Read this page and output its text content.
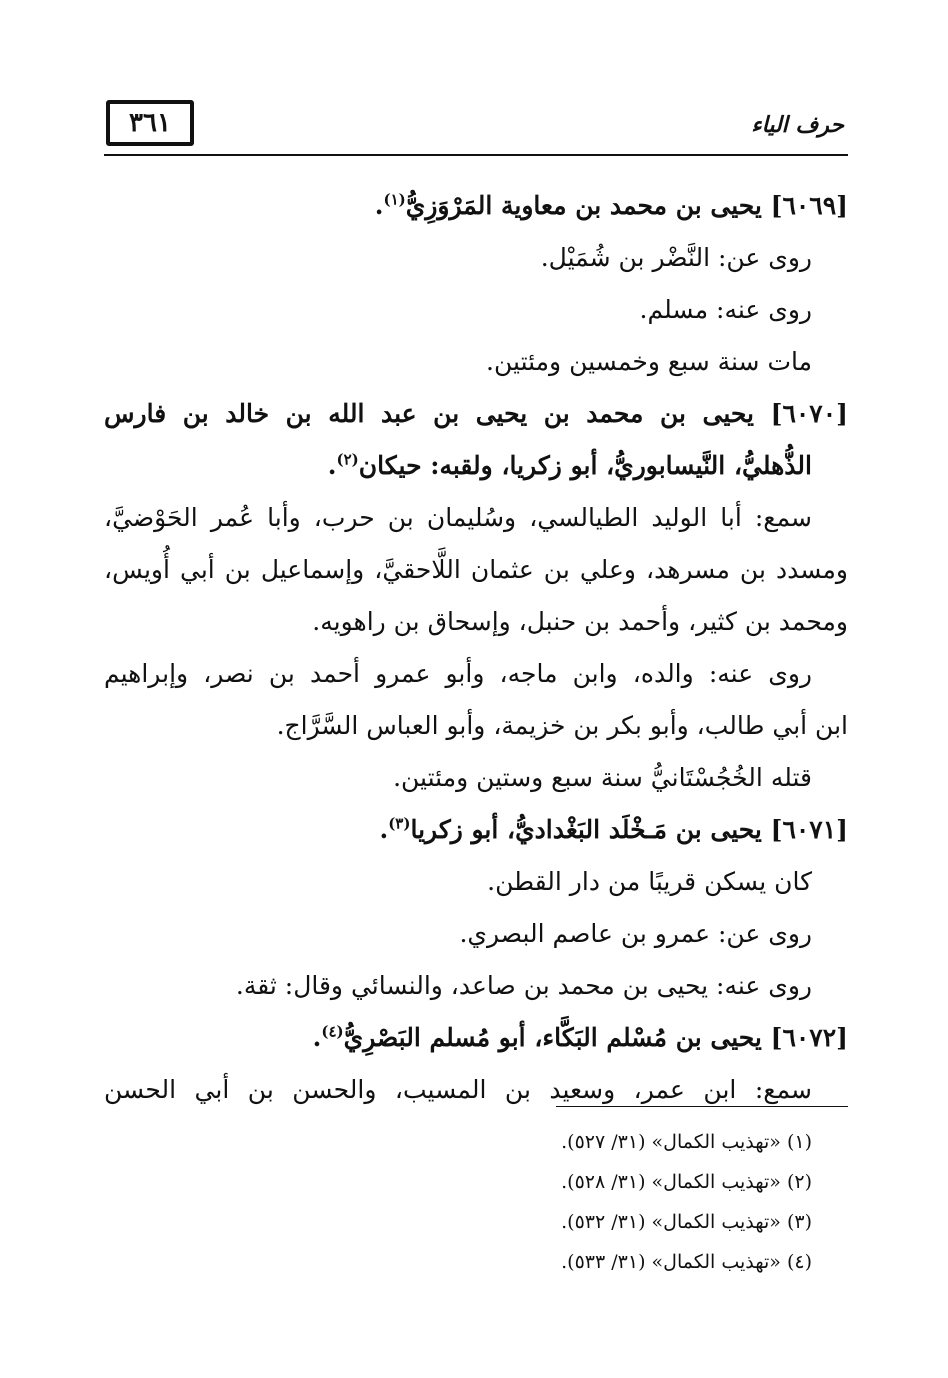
٣٦١	حرف الياء
[٦٠٦٩] يحيى بن محمد بن معاوية المَرْوَزِيُّ$^{(١)}$.
روى عن: النَّضْر بن شُمَيْل.
روى عنه: مسلم.
مات سنة سبع وخمسين ومئتين.
[٦٠٧٠] يحيى بن محمد بن يحيى بن عبد الله بن خالد بن فارس
الذُّهليُّ، النَّيسابوريُّ، أبو زكريا، ولقبه: حيكان$^{(٢)}$.
سمع: أبا الوليد الطيالسي، وسُليمان بن حرب، وأبا عُمر الحَوْضيَّ،
ومسدد بن مسرهد، وعلي بن عثمان اللَّاحقيَّ، وإسماعيل بن أبي أُويس،
ومحمد بن كثير، وأحمد بن حنبل، وإسحاق بن راهويه.
روى عنه: والده، وابن ماجه، وأبو عمرو أحمد بن نصر، وإبراهيم
ابن أبي طالب، وأبو بكر بن خزيمة، وأبو العباس السَّرَّاج.
قتله الخُجُسْتَانيُّ سنة سبع وستين ومئتين.
[٦٠٧١] يحيى بن مَـخْلَد البَغْداديُّ، أبو زكريا$^{(٣)}$.
كان يسكن قريبًا من دار القطن.
روى عن: عمرو بن عاصم البصري.
روى عنه: يحيى بن محمد بن صاعد، والنسائي وقال: ثقة.
[٦٠٧٢] يحيى بن مُسْلم البَكَّاء، أبو مُسلم البَصْرِيُّ$^{(٤)}$.
سمع: ابن عمر، وسعيد بن المسيب، والحسن بن أبي الحسن
(١) «تهذيب الكمال» (٣١/ ٥٢٧).
(٢) «تهذيب الكمال» (٣١/ ٥٢٨).
(٣) «تهذيب الكمال» (٣١/ ٥٣٢).
(٤) «تهذيب الكمال» (٣١/ ٥٣٣).
